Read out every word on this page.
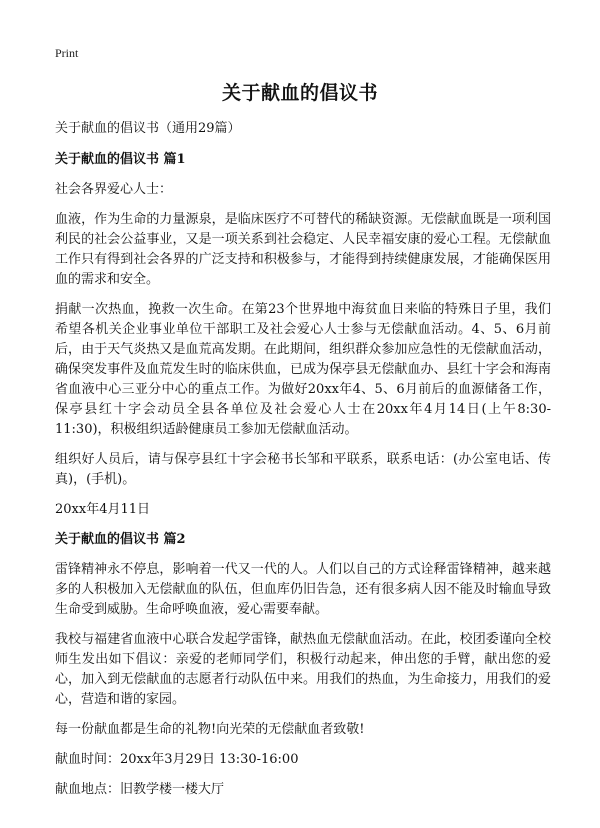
Print
关于献血的倡议书

关于献血的倡议书（通用29篇）

关于献血的倡议书 篇1

社会各界爱心人士：

血液，作为生命的力量源泉，是临床医疗不可替代的稀缺资源。无偿献血既是一项利国利民的社会公益事业，又是一项关系到社会稳定、人民幸福安康的爱心工程。无偿献血工作只有得到社会各界的广泛支持和积极参与，才能得到持续健康发展，才能确保医用血的需求和安全。

捐献一次热血，挽救一次生命。在第23个世界地中海贫血日来临的特殊日子里，我们希望各机关企业事业单位干部职工及社会爱心人士参与无偿献血活动。4、5、6月前后，由于天气炎热又是血荒高发期。在此期间，组织群众参加应急性的无偿献血活动，确保突发事件及血荒发生时的临床供血，已成为保亭县无偿献血办、县红十字会和海南省血液中心三亚分中心的重点工作。为做好20xx年4、5、6月前后的血源储备工作，保亭县红十字会动员全县各单位及社会爱心人士在20xx年4月14日(上午8:30-11:30)，积极组织适龄健康员工参加无偿献血活动。

组织好人员后，请与保亭县红十字会秘书长邹和平联系，联系电话：(办公室电话、传真)，(手机)。

20xx年4月11日

关于献血的倡议书 篇2

雷锋精神永不停息，影响着一代又一代的人。人们以自己的方式诠释雷锋精神，越来越多的人积极加入无偿献血的队伍，但血库仍旧告急，还有很多病人因不能及时输血导致生命受到威胁。生命呼唤血液，爱心需要奉献。

我校与福建省血液中心联合发起学雷锋，献热血无偿献血活动。在此，校团委谨向全校师生发出如下倡议：亲爱的老师同学们，积极行动起来，伸出您的手臂，献出您的爱心，加入到无偿献血的志愿者行动队伍中来。用我们的热血，为生命接力，用我们的爱心，营造和谐的家园。

每一份献血都是生命的礼物!向光荣的无偿献血者致敬!

献血时间：20xx年3月29日 13:30-16:00

献血地点：旧教学楼一楼大厅
